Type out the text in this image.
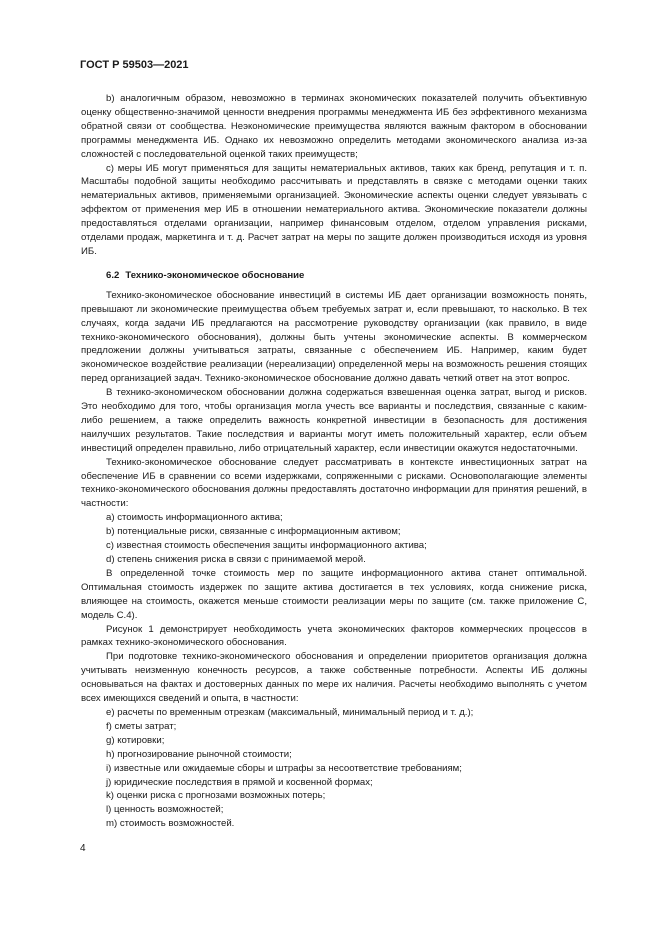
ГОСТ Р 59503—2021

b) аналогичным образом, невозможно в терминах экономических показателей получить объективную оценку общественно-значимой ценности внедрения программы менеджмента ИБ без эффективного механизма обратной связи от сообщества. Неэкономические преимущества являются важным фактором в обосновании программы менеджмента ИБ. Однако их невозможно определить методами экономического анализа из-за сложностей с последовательной оценкой таких преимуществ;

c) меры ИБ могут применяться для защиты нематериальных активов, таких как бренд, репутация и т. п. Масштабы подобной защиты необходимо рассчитывать и представлять в связке с методами оценки таких нематериальных активов, применяемыми организацией. Экономические аспекты оценки следует увязывать с эффектом от применения мер ИБ в отношении нематериального актива. Экономические показатели должны предоставляться отделами организации, например финансовым отделом, отделом управления рисками, отделами продаж, маркетинга и т. д. Расчет затрат на меры по защите должен производиться исходя из уровня ИБ.

6.2 Технико-экономическое обоснование

Технико-экономическое обоснование инвестиций в системы ИБ дает организации возможность понять, превышают ли экономические преимущества объем требуемых затрат и, если превышают, то насколько. В тех случаях, когда задачи ИБ предлагаются на рассмотрение руководству организации (как правило, в виде технико-экономического обоснования), должны быть учтены экономические аспекты. В коммерческом предложении должны учитываться затраты, связанные с обеспечением ИБ. Например, каким будет экономическое воздействие реализации (нереализации) определенной меры на возможность решения стоящих перед организацией задач. Технико-экономическое обоснование должно давать четкий ответ на этот вопрос.

В технико-экономическом обосновании должна содержаться взвешенная оценка затрат, выгод и рисков. Это необходимо для того, чтобы организация могла учесть все варианты и последствия, связанные с каким-либо решением, а также определить важность конкретной инвестиции в безопасность для достижения наилучших результатов. Такие последствия и варианты могут иметь положительный характер, если объем инвестиций определен правильно, либо отрицательный характер, если инвестиции окажутся недостаточными.

Технико-экономическое обоснование следует рассматривать в контексте инвестиционных затрат на обеспечение ИБ в сравнении со всеми издержками, сопряженными с рисками. Основополагающие элементы технико-экономического обоснования должны предоставлять достаточно информации для принятия решений, в частности:

a) стоимость информационного актива;

b) потенциальные риски, связанные с информационным активом;

c) известная стоимость обеспечения защиты информационного актива;

d) степень снижения риска в связи с принимаемой мерой.

В определенной точке стоимость мер по защите информационного актива станет оптимальной. Оптимальная стоимость издержек по защите актива достигается в тех условиях, когда снижение риска, влияющее на стоимость, окажется меньше стоимости реализации меры по защите (см. также приложение C, модель C.4).

Рисунок 1 демонстрирует необходимость учета экономических факторов коммерческих процессов в рамках технико-экономического обоснования.

При подготовке технико-экономического обоснования и определении приоритетов организация должна учитывать неизменную конечность ресурсов, а также собственные потребности. Аспекты ИБ должны основываться на фактах и достоверных данных по мере их наличия. Расчеты необходимо выполнять с учетом всех имеющихся сведений и опыта, в частности:

e) расчеты по временным отрезкам (максимальный, минимальный период и т. д.);

f) сметы затрат;

g) котировки;

h) прогнозирование рыночной стоимости;

i) известные или ожидаемые сборы и штрафы за несоответствие требованиям;

j) юридические последствия в прямой и косвенной формах;

k) оценки риска с прогнозами возможных потерь;

l) ценность возможностей;

m) стоимость возможностей.

4
